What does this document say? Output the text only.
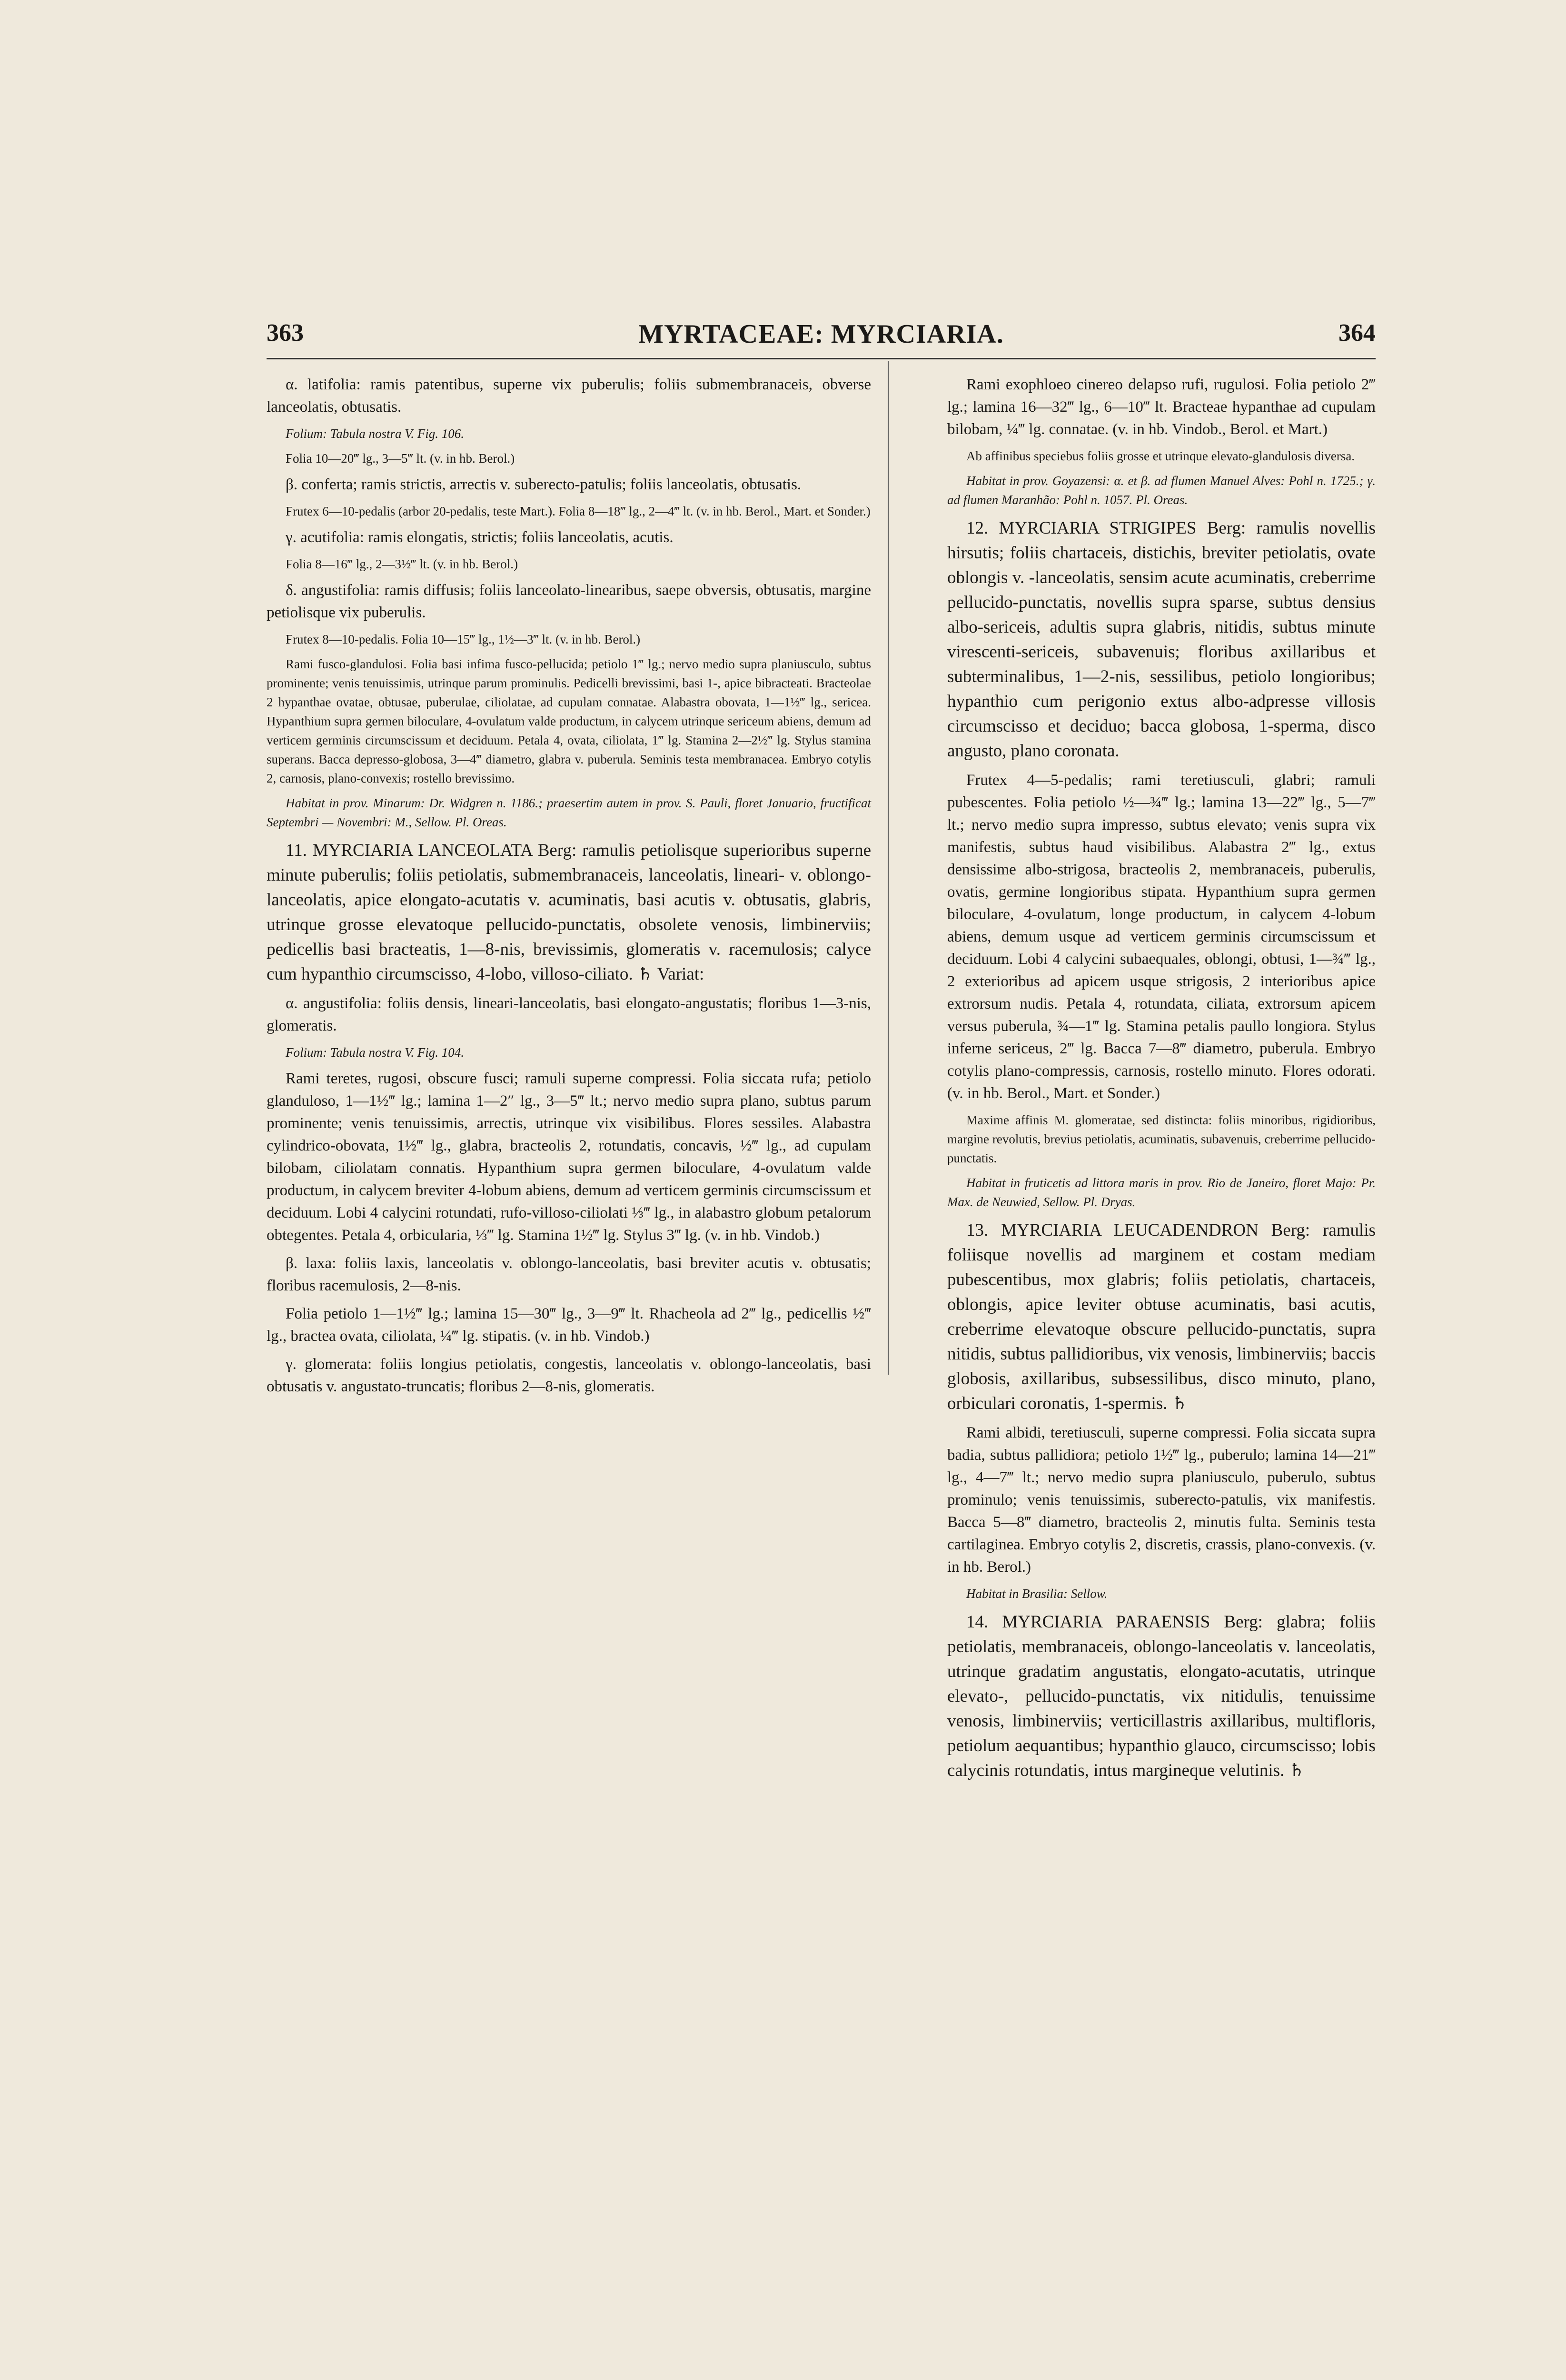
363	MYRTACEAE: MYRCIARIA.	364

α. latifolia: ramis patentibus, superne vix puberulis; foliis submembranaceis, obverse lanceolatis, obtusatis.

Folium: Tabula nostra V. Fig. 106.

Folia 10—20‴ lg., 3—5‴ lt. (v. in hb. Berol.)

β. conferta; ramis strictis, arrectis v. suberecto-patulis; foliis lanceolatis, obtusatis.

Frutex 6—10-pedalis (arbor 20-pedalis, teste Mart.). Folia 8—18‴ lg., 2—4‴ lt. (v. in hb. Berol., Mart. et Sonder.)

γ. acutifolia: ramis elongatis, strictis; foliis lanceolatis, acutis.

Folia 8—16‴ lg., 2—3½‴ lt. (v. in hb. Berol.)

δ. angustifolia: ramis diffusis; foliis lanceolato-linearibus, saepe obversis, obtusatis, margine petiolisque vix puberulis.

Frutex 8—10-pedalis. Folia 10—15‴ lg., 1½—3‴ lt. (v. in hb. Berol.)

Rami fusco-glandulosi. Folia basi infima fusco-pellucida; petiolo 1‴ lg.; nervo medio supra planiusculo, subtus prominente; venis tenuissimis, utrinque parum prominulis. Pedicelli brevissimi, basi 1-, apice bibracteati. Bracteolae 2 hypanthae ovatae, obtusae, puberulae, ciliolatae, ad cupulam connatae. Alabastra obovata, 1—1½‴ lg., sericea. Hypanthium supra germen biloculare, 4-ovulatum valde productum, in calycem utrinque sericeum abiens, demum ad verticem germinis circumscissum et deciduum. Petala 4, ovata, ciliolata, 1‴ lg. Stamina 2—2½‴ lg. Stylus stamina superans. Bacca depresso-globosa, 3—4‴ diametro, glabra v. puberula. Seminis testa membranacea. Embryo cotylis 2, carnosis, plano-convexis; rostello brevissimo.

Habitat in prov. Minarum: Dr. Widgren n. 1186.; praesertim autem in prov. S. Pauli, floret Januario, fructificat Septembri — Novembri: M., Sellow. Pl. Oreas.

11. MYRCIARIA LANCEOLATA Berg: ramulis petiolisque superioribus superne minute puberulis; foliis petiolatis, submembranaceis, lanceolatis, lineari- v. oblongo-lanceolatis, apice elongato-acutatis v. acuminatis, basi acutis v. obtusatis, glabris, utrinque grosse elevatoque pellucido-punctatis, obsolete venosis, limbinerviis; pedicellis basi bracteatis, 1—8-nis, brevissimis, glomeratis v. racemulosis; calyce cum hypanthio circumscisso, 4-lobo, villoso-ciliato. ♄ Variat:

α. angustifolia: foliis densis, lineari-lanceolatis, basi elongato-angustatis; floribus 1—3-nis, glomeratis.

Folium: Tabula nostra V. Fig. 104.

Rami teretes, rugosi, obscure fusci; ramuli superne compressi. Folia siccata rufa; petiolo glanduloso, 1—1½‴ lg.; lamina 1—2″ lg., 3—5‴ lt.; nervo medio supra plano, subtus parum prominente; venis tenuissimis, arrectis, utrinque vix visibilibus. Flores sessiles. Alabastra cylindrico-obovata, 1½‴ lg., glabra, bracteolis 2, rotundatis, concavis, ½‴ lg., ad cupulam bilobam, ciliolatam connatis. Hypanthium supra germen biloculare, 4-ovulatum valde productum, in calycem breviter 4-lobum abiens, demum ad verticem germinis circumscissum et deciduum. Lobi 4 calycini rotundati, rufo-villoso-ciliolati ⅓‴ lg., in alabastro globum petalorum obtegentes. Petala 4, orbicularia, ⅓‴ lg. Stamina 1½‴ lg. Stylus 3‴ lg. (v. in hb. Vindob.)

β. laxa: foliis laxis, lanceolatis v. oblongo-lanceolatis, basi breviter acutis v. obtusatis; floribus racemulosis, 2—8-nis.

Folia petiolo 1—1½‴ lg.; lamina 15—30‴ lg., 3—9‴ lt. Rhacheola ad 2‴ lg., pedicellis ½‴ lg., bractea ovata, ciliolata, ¼‴ lg. stipatis. (v. in hb. Vindob.)

γ. glomerata: foliis longius petiolatis, congestis, lanceolatis v. oblongo-lanceolatis, basi obtusatis v. angustato-truncatis; floribus 2—8-nis, glomeratis.

Rami exophloeo cinereo delapso rufi, rugulosi. Folia petiolo 2‴ lg.; lamina 16—32‴ lg., 6—10‴ lt. Bracteae hypanthae ad cupulam bilobam, ¼‴ lg. connatae. (v. in hb. Vindob., Berol. et Mart.)

Ab affinibus speciebus foliis grosse et utrinque elevato-glandulosis diversa.

Habitat in prov. Goyazensi: α. et β. ad flumen Manuel Alves: Pohl n. 1725.; γ. ad flumen Maranhão: Pohl n. 1057. Pl. Oreas.

12. MYRCIARIA STRIGIPES Berg: ramulis novellis hirsutis; foliis chartaceis, distichis, breviter petiolatis, ovate oblongis v. -lanceolatis, sensim acute acuminatis, creberrime pellucido-punctatis, novellis supra sparse, subtus densius albo-sericeis, adultis supra glabris, nitidis, subtus minute virescenti-sericeis, subavenuis; floribus axillaribus et subterminalibus, 1—2-nis, sessilibus, petiolo longioribus; hypanthio cum perigonio extus albo-adpresse villosis circumscisso et deciduo; bacca globosa, 1-sperma, disco angusto, plano coronata.

Frutex 4—5-pedalis; rami teretiusculi, glabri; ramuli pubescentes. Folia petiolo ½—¾‴ lg.; lamina 13—22‴ lg., 5—7‴ lt.; nervo medio supra impresso, subtus elevato; venis supra vix manifestis, subtus haud visibilibus. Alabastra 2‴ lg., extus densissime albo-strigosa, bracteolis 2, membranaceis, puberulis, ovatis, germine longioribus stipata. Hypanthium supra germen biloculare, 4-ovulatum, longe productum, in calycem 4-lobum abiens, demum usque ad verticem germinis circumscissum et deciduum. Lobi 4 calycini subaequales, oblongi, obtusi, 1—¾‴ lg., 2 exterioribus ad apicem usque strigosis, 2 interioribus apice extrorsum nudis. Petala 4, rotundata, ciliata, extrorsum apicem versus puberula, ¾—1‴ lg. Stamina petalis paullo longiora. Stylus inferne sericeus, 2‴ lg. Bacca 7—8‴ diametro, puberula. Embryo cotylis plano-compressis, carnosis, rostello minuto. Flores odorati. (v. in hb. Berol., Mart. et Sonder.)

Maxime affinis M. glomeratae, sed distincta: foliis minoribus, rigidioribus, margine revolutis, brevius petiolatis, acuminatis, subavenuis, creberrime pellucido-punctatis.

Habitat in fruticetis ad littora maris in prov. Rio de Janeiro, floret Majo: Pr. Max. de Neuwied, Sellow. Pl. Dryas.

13. MYRCIARIA LEUCADENDRON Berg: ramulis foliisque novellis ad marginem et costam mediam pubescentibus, mox glabris; foliis petiolatis, chartaceis, oblongis, apice leviter obtuse acuminatis, basi acutis, creberrime elevatoque obscure pellucido-punctatis, supra nitidis, subtus pallidioribus, vix venosis, limbinerviis; baccis globosis, axillaribus, subsessilibus, disco minuto, plano, orbiculari coronatis, 1-spermis. ♄

Rami albidi, teretiusculi, superne compressi. Folia siccata supra badia, subtus pallidiora; petiolo 1½‴ lg., puberulo; lamina 14—21‴ lg., 4—7‴ lt.; nervo medio supra planiusculo, puberulo, subtus prominulo; venis tenuissimis, suberecto-patulis, vix manifestis. Bacca 5—8‴ diametro, bracteolis 2, minutis fulta. Seminis testa cartilaginea. Embryo cotylis 2, discretis, crassis, plano-convexis. (v. in hb. Berol.)

Habitat in Brasilia: Sellow.

14. MYRCIARIA PARAENSIS Berg: glabra; foliis petiolatis, membranaceis, oblongo-lanceolatis v. lanceolatis, utrinque gradatim angustatis, elongato-acutatis, utrinque elevato-, pellucido-punctatis, vix nitidulis, tenuissime venosis, limbinerviis; verticillastris axillaribus, multifloris, petiolum aequantibus; hypanthio glauco, circumscisso; lobis calycinis rotundatis, intus margineque velutinis. ♄
